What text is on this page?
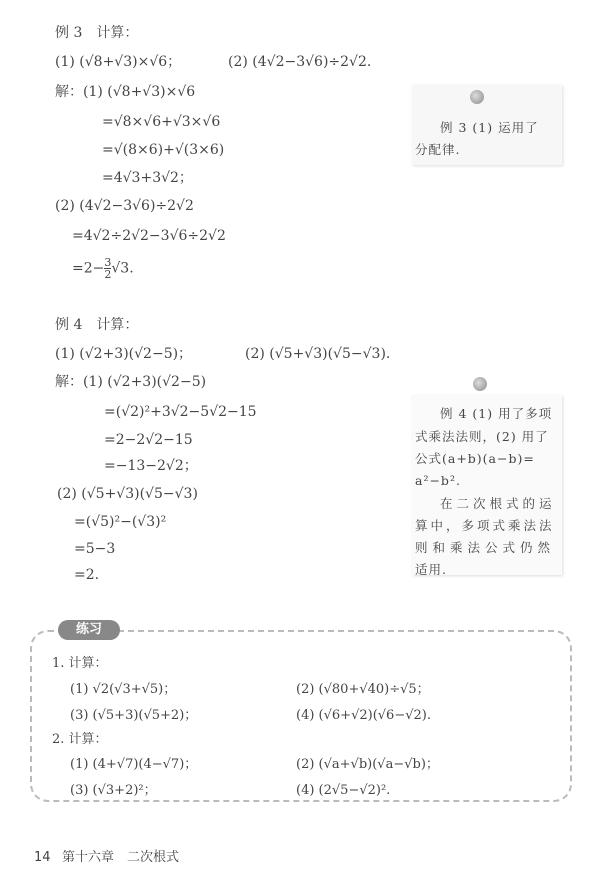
例 3　计算：
(1) (√8+√3)×√6；	(2) (4√2−3√6)÷2√2.
解：(1) (√8+√3)×√6
=√8×√6+√3×√6
=√(8×6)+√(3×6)
=4√3+3√2；
(2) (4√2−3√6)÷2√2
=4√2÷2√2−3√6÷2√2
$=2- \frac{3}{2} √3$.
例 3 (1) 运用了
分配律.
例 4　计算：
(1) (√2+3)(√2−5)；	(2) (√5+√3)(√5−√3).
解：(1) (√2+3)(√2−5)
=(√2)²+3√2−5√2−15
=2−2√2−15
=−13−2√2；
(2) (√5+√3)(√5−√3)
=(√5)²−(√3)²
=5−3
=2.
例 4 (1) 用了多项
式乘法法则，(2) 用了
公式(a+b)(a−b)=
a²−b².
在二次根式的运
算中，多项式乘法法
则和乘法公式仍然
适用.
练习
1. 计算：
(1) √2(√3+√5)；	(2) (√80+√40)÷√5；
(3) (√5+3)(√5+2)；	(4) (√6+√2)(√6−√2).
2. 计算：
(1) (4+√7)(4−√7)；	(2) (√a+√b)(√a−√b)；
(3) (√3+2)²；	(4) (2√5−√2)².
14 第十六章　二次根式
